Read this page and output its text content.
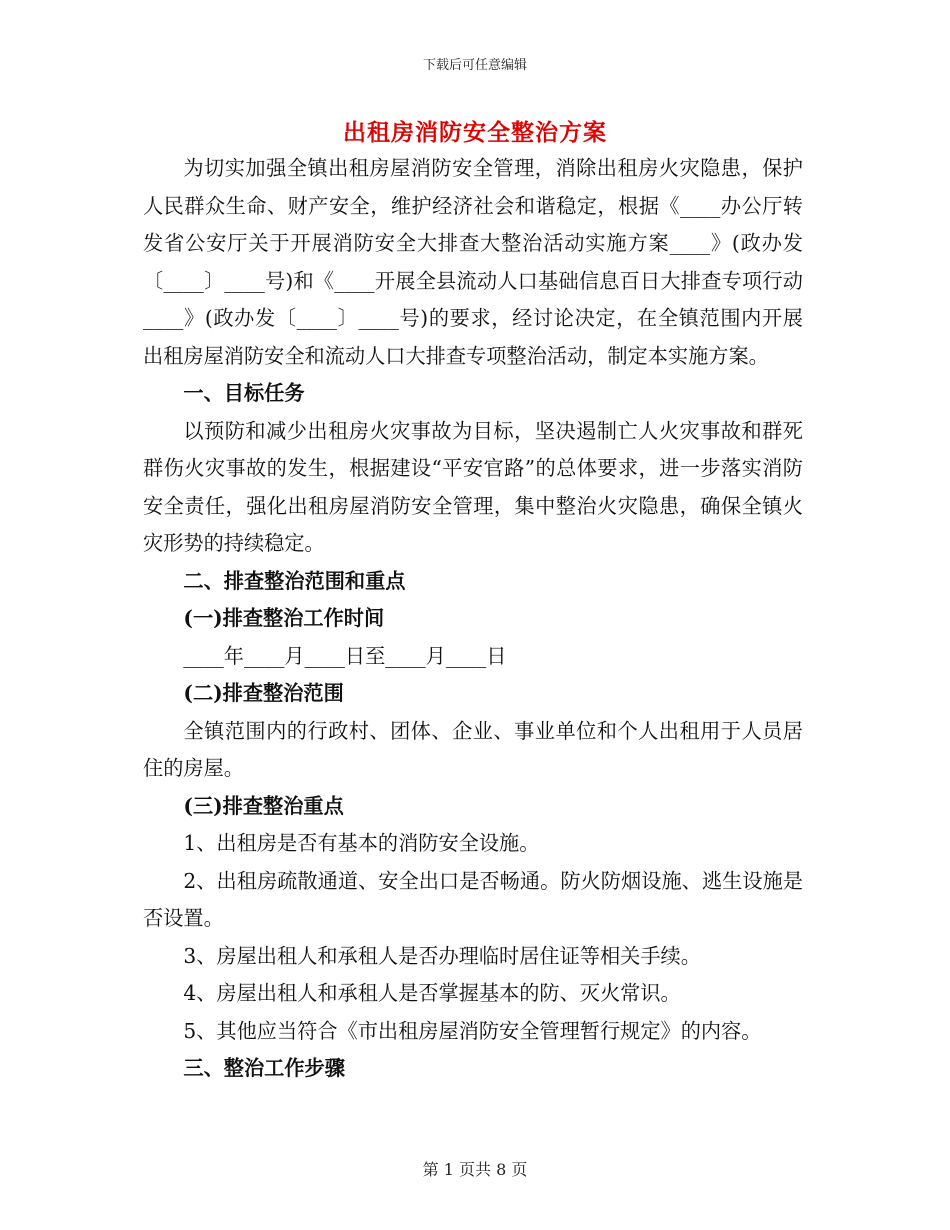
下载后可任意编辑
出租房消防安全整治方案

为切实加强全镇出租房屋消防安全管理，消除出租房火灾隐患，保护人民群众生命、财产安全，维护经济社会和谐稳定，根据《____办公厅转发省公安厅关于开展消防安全大排查大整治活动实施方案____》(政办发〔____〕____号)和《____开展全县流动人口基础信息百日大排查专项行动____》(政办发〔____〕____号)的要求，经讨论决定，在全镇范围内开展出租房屋消防安全和流动人口大排查专项整治活动，制定本实施方案。

一、目标任务

以预防和减少出租房火灾事故为目标，坚决遏制亡人火灾事故和群死群伤火灾事故的发生，根据建设“平安官路”的总体要求，进一步落实消防安全责任，强化出租房屋消防安全管理，集中整治火灾隐患，确保全镇火灾形势的持续稳定。

二、排查整治范围和重点

(一)排查整治工作时间

____年____月____日至____月____日

(二)排查整治范围

全镇范围内的行政村、团体、企业、事业单位和个人出租用于人员居住的房屋。

(三)排查整治重点

1、出租房是否有基本的消防安全设施。

2、出租房疏散通道、安全出口是否畅通。防火防烟设施、逃生设施是否设置。

3、房屋出租人和承租人是否办理临时居住证等相关手续。

4、房屋出租人和承租人是否掌握基本的防、灭火常识。

5、其他应当符合《市出租房屋消防安全管理暂行规定》的内容。

三、整治工作步骤

第 1 页共 8 页
